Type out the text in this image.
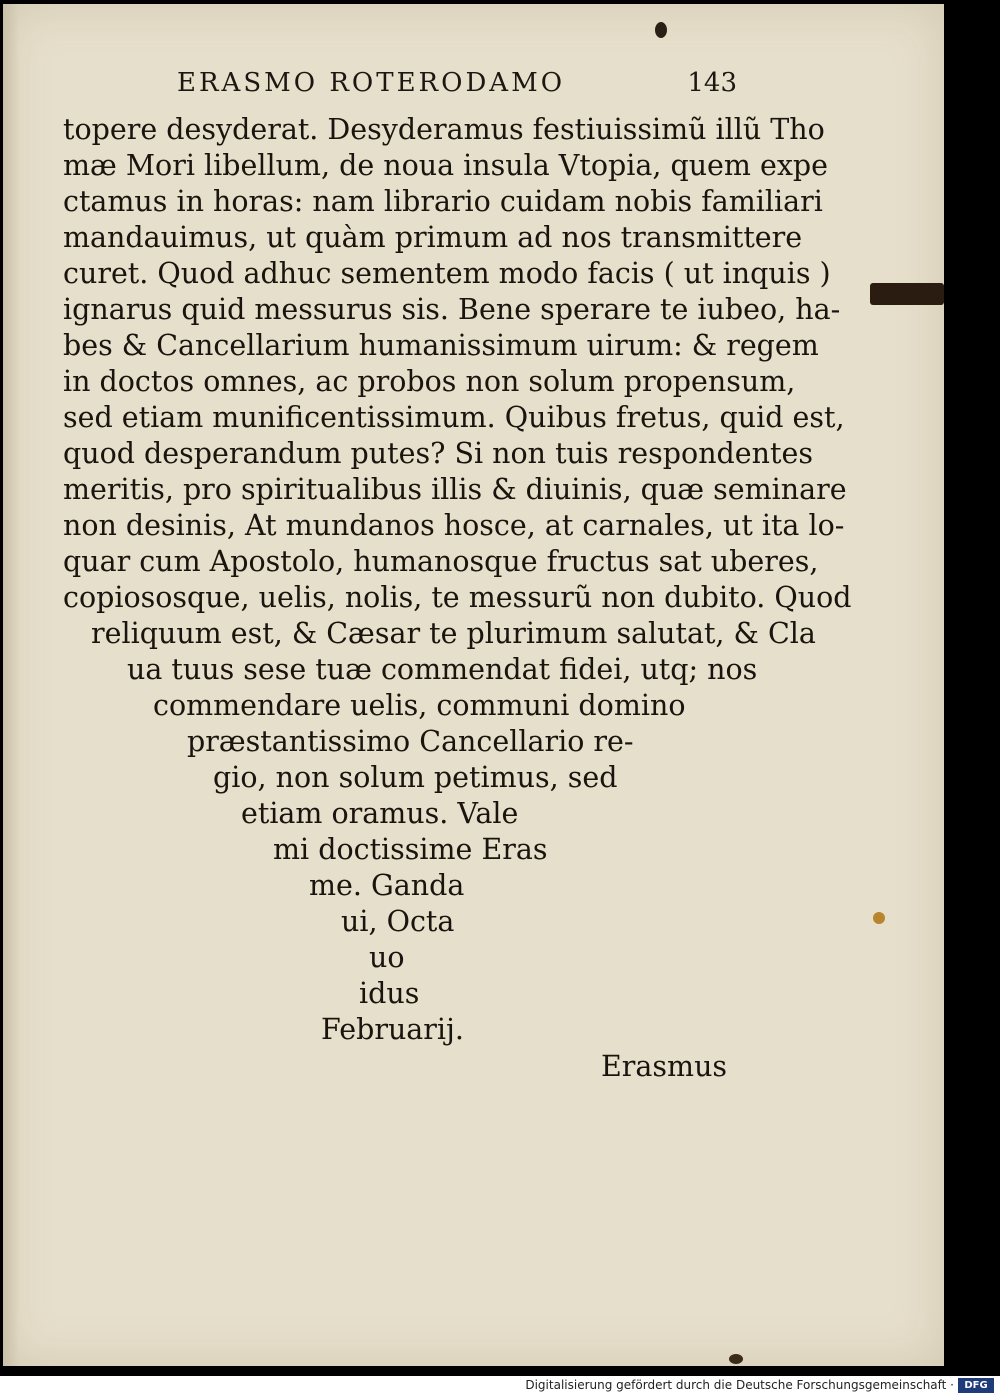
ERASMO ROTERODAMO	143
topere desyderat. Desyderamus festiuissimũ illũ Tho
mæ Mori libellum, de noua insula Vtopia, quem expe
ctamus in horas: nam librario cuidam nobis familiari
mandauimus, ut quàm primum ad nos transmittere
curet. Quod adhuc sementem modo facis ( ut inquis )
ignarus quid messurus sis. Bene sperare te iubeo, ha-
bes & Cancellarium humanissimum uirum: & regem
in doctos omnes, ac probos non solum propensum,
sed etiam munificentissimum. Quibus fretus, quid est,
quod desperandum putes? Si non tuis respondentes
meritis, pro spiritualibus illis & diuinis, quæ seminare
non desinis, At mundanos hosce, at carnales, ut ita lo-
quar cum Apostolo, humanosque fructus sat uberes,
copiososque, uelis, nolis, te messurũ non dubito. Quod
reliquum est, & Cæsar te plurimum salutat, & Cla
ua tuus sese tuæ commendat fidei, utq; nos
commendare uelis, communi domino
præstantissimo Cancellario re-
gio, non solum petimus, sed
etiam oramus. Vale
mi doctissime Eras
me. Ganda
ui, Octa
uo
idus
Februarij.
Erasmus
Digitalisierung gefördert durch die Deutsche Forschungsgemeinschaft ·	DFG
